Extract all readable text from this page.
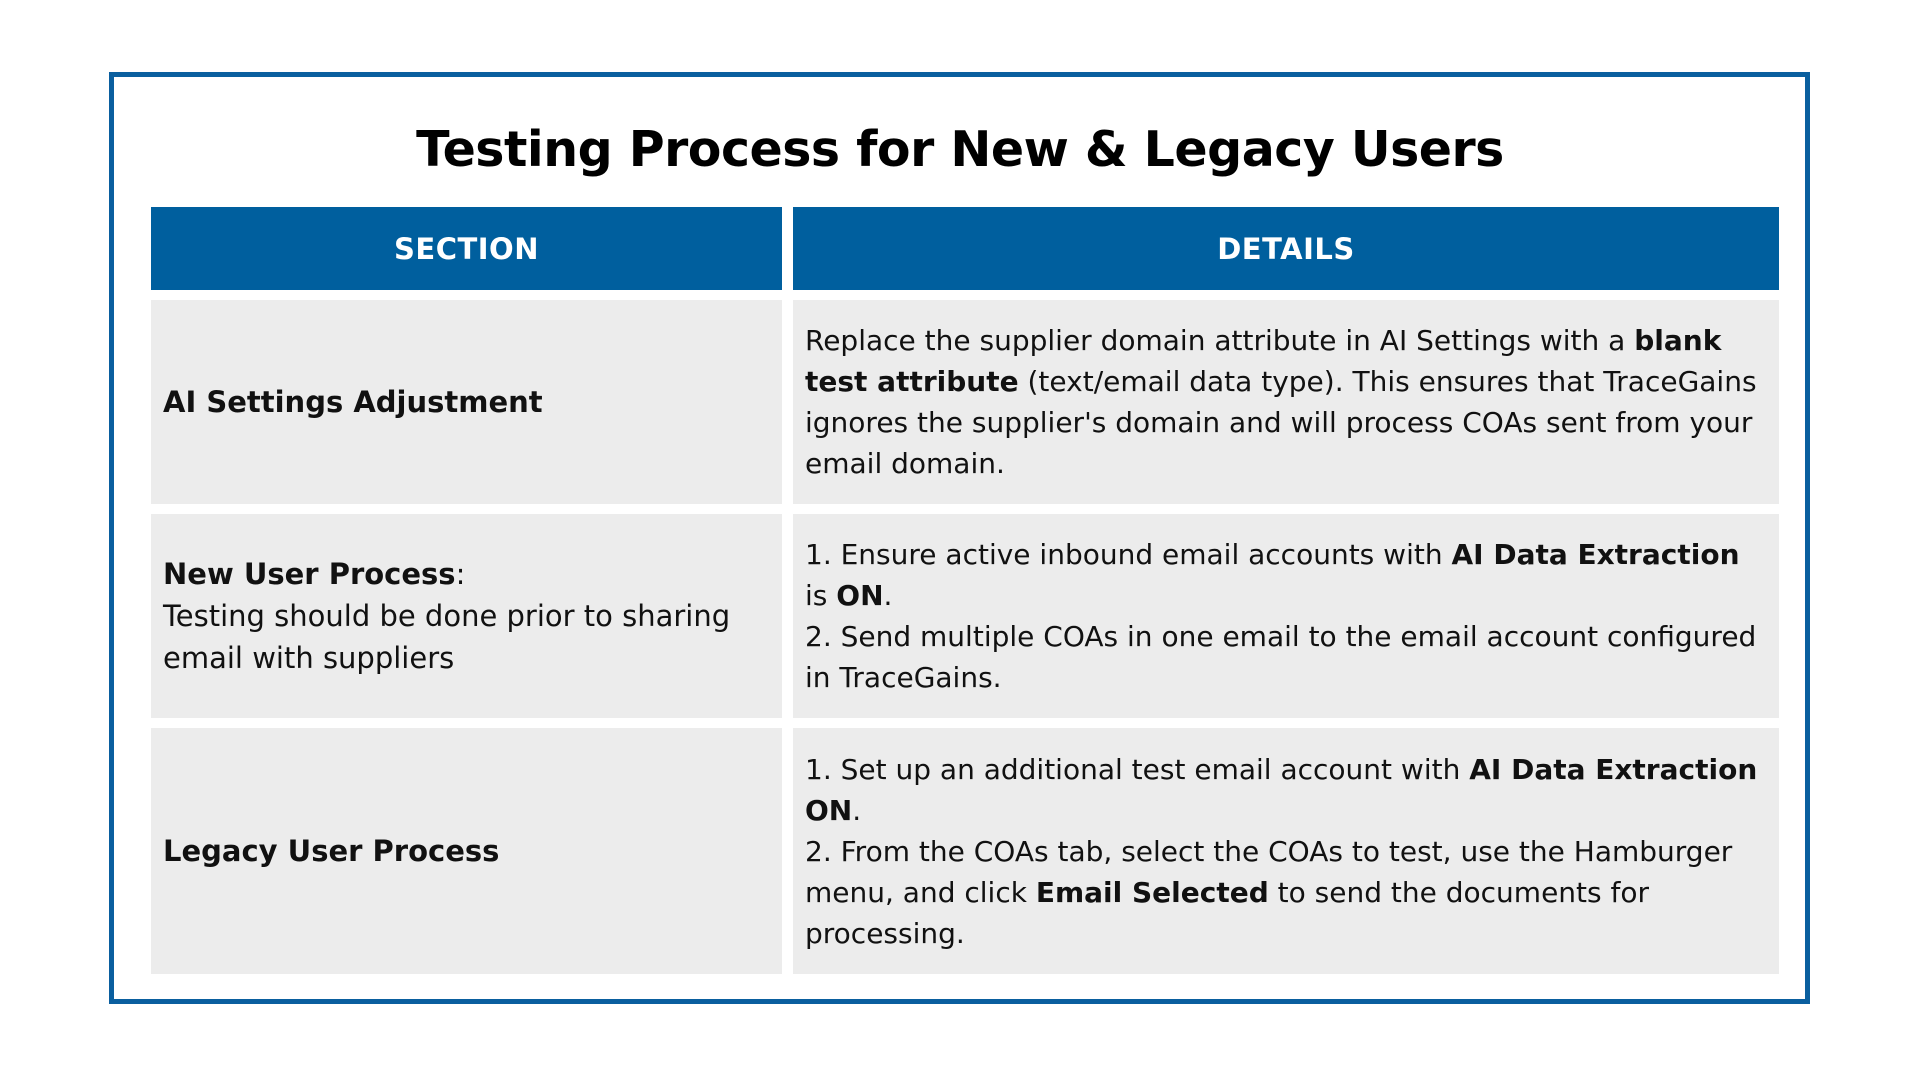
Testing Process for New & Legacy Users
SECTION	DETAILS
AI Settings Adjustment
Replace the supplier domain attribute in AI Settings with a blank test attribute (text/email data type). This ensures that TraceGains ignores the supplier's domain and will process COAs sent from your email domain.
New User Process:
Testing should be done prior to sharing email with suppliers
1. Ensure active inbound email accounts with AI Data Extraction is ON.
2. Send multiple COAs in one email to the email account configured in TraceGains.
Legacy User Process
1. Set up an additional test email account with AI Data Extraction ON.
2. From the COAs tab, select the COAs to test, use the Hamburger menu, and click Email Selected to send the documents for processing.
